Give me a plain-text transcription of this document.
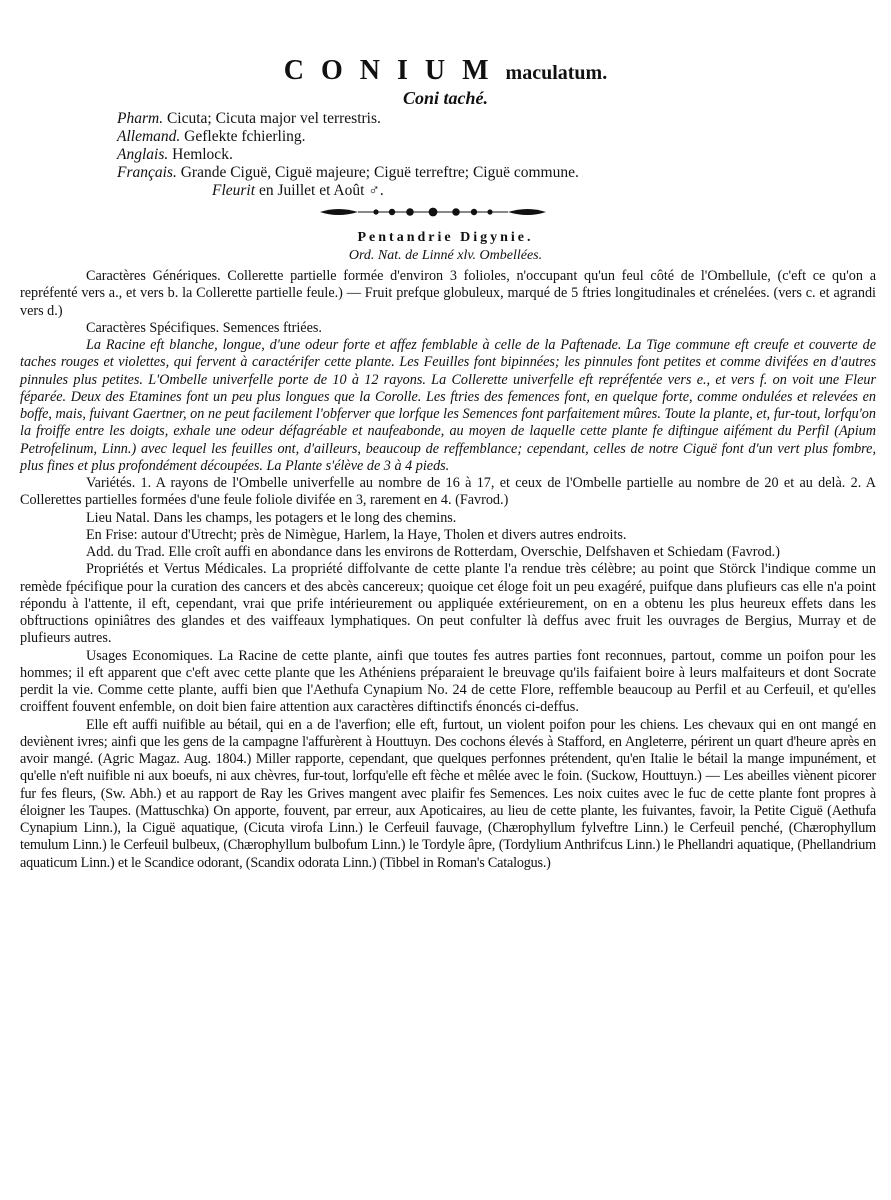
C O N I U M maculatum.
Coni taché.
Pharm. Cicuta; Cicuta major vel terrestris.
Allemand. Geflekte fchierling.
Anglais. Hemlock.
Français. Grande Ciguë, Ciguë majeure; Ciguë terreftre; Ciguë commune.
Fleurit en Juillet et Août ♂.
Pentandrie Digynie.
Ord. Nat. de Linné xlv. Ombellées.

Caractères Génériques. Collerette partielle formée d'environ 3 folioles, n'occupant qu'un feul côté de l'Ombellule, (c'eft ce qu'on a repréfenté vers a., et vers b. la Collerette partielle feule.) — Fruit prefque globuleux, marqué de 5 ftries longitudinales et crénelées. (vers c. et agrandi vers d.)

Caractères Spécifiques. Semences ftriées.

La Racine eft blanche, longue, d'une odeur forte et affez femblable à celle de la Paftenade. La Tige commune eft creufe et couverte de taches rouges et violettes, qui fervent à caractérifer cette plante. Les Feuilles font bipinnées; les pinnules font petites et comme divifées en d'autres pinnules plus petites. L'Ombelle univerfelle porte de 10 à 12 rayons. La Collerette univerfelle eft repréfentée vers e., et vers f. on voit une Fleur féparée. Deux des Etamines font un peu plus longues que la Corolle. Les ftries des femences font, en quelque forte, comme ondulées et relevées en boffe, mais, fuivant Gaertner, on ne peut facilement l'obferver que lorfque les Semences font parfaitement mûres. Toute la plante, et, fur-tout, lorfqu'on la froiffe entre les doigts, exhale une odeur défagréable et naufeabonde, au moyen de laquelle cette plante fe diftingue aifément du Perfil (Apium Petrofelinum, Linn.) avec lequel les feuilles ont, d'ailleurs, beaucoup de reffemblance; cependant, celles de notre Ciguë font d'un vert plus fombre, plus fines et plus profondément découpées. La Plante s'élève de 3 à 4 pieds.

Variétés. 1. A rayons de l'Ombelle univerfelle au nombre de 16 à 17, et ceux de l'Ombelle partielle au nombre de 20 et au delà. 2. A Collerettes partielles formées d'une feule foliole divifée en 3, rarement en 4. (Favrod.)

Lieu Natal. Dans les champs, les potagers et le long des chemins.

En Frise: autour d'Utrecht; près de Nimègue, Harlem, la Haye, Tholen et divers autres endroits.

Add. du Trad. Elle croît auffi en abondance dans les environs de Rotterdam, Overschie, Delfshaven et Schiedam (Favrod.)

Propriétés et Vertus Médicales. La propriété diffolvante de cette plante l'a rendue très célèbre; au point que Störck l'indique comme un remède fpécifique pour la curation des cancers et des abcès cancereux; quoique cet éloge foit un peu exagéré, puifque dans plufieurs cas elle n'a point répondu à l'attente, il eft, cependant, vrai que prife intérieurement ou appliquée extérieurement, on en a obtenu les plus heureux effets dans les obftructions opiniâtres des glandes et des vaiffeaux lymphatiques. On peut confulter là deffus avec fruit les ouvrages de Bergius, Murray et de plufieurs autres.

Usages Economiques. La Racine de cette plante, ainfi que toutes fes autres parties font reconnues, partout, comme un poifon pour les hommes; il eft apparent que c'eft avec cette plante que les Athéniens préparaient le breuvage qu'ils faifaient boire à leurs malfaiteurs et dont Socrate perdit la vie. Comme cette plante, auffi bien que l'Aethufa Cynapium No. 24 de cette Flore, reffemble beaucoup au Perfil et au Cerfeuil, et qu'elles croiffent fouvent enfemble, on doit bien faire attention aux caractères diftinctifs énoncés ci-deffus.

Elle eft auffi nuifible au bétail, qui en a de l'averfion; elle eft, furtout, un violent poifon pour les chiens. Les chevaux qui en ont mangé en deviènent ivres; ainfi que les gens de la campagne l'affurèrent à Houttuyn. Des cochons élevés à Stafford, en Angleterre, périrent un quart d'heure après en avoir mangé. (Agric Magaz. Aug. 1804.) Miller rapporte, cependant, que quelques perfonnes prétendent, qu'en Italie le bétail la mange impunément, et qu'elle n'eft nuifible ni aux boeufs, ni aux chèvres, fur-tout, lorfqu'elle eft fèche et mêlée avec le foin. (Suckow, Houttuyn.) — Les abeilles viènent picorer fur fes fleurs, (Sw. Abh.) et au rapport de Ray les Grives mangent avec plaifir fes Semences. Les noix cuites avec le fuc de cette plante font propres à éloigner les Taupes. (Mattuschka) On apporte, fouvent, par erreur, aux Apoticaires, au lieu de cette plante, les fuivantes, favoir, la Petite Ciguë (Aethufa Cynapium Linn.), la Ciguë aquatique, (Cicuta virofa Linn.) le Cerfeuil fauvage, (Chærophyllum fylveftre Linn.) le Cerfeuil penché, (Chærophyllum temulum Linn.) le Cerfeuil bulbeux, (Chærophyllum bulbofum Linn.) le Tordyle âpre, (Tordylium Anthrifcus Linn.) le Phellandri aquatique, (Phellandrium aquaticum Linn.) et le Scandice odorant, (Scandix odorata Linn.) (Tibbel in Roman's Catalogus.)
